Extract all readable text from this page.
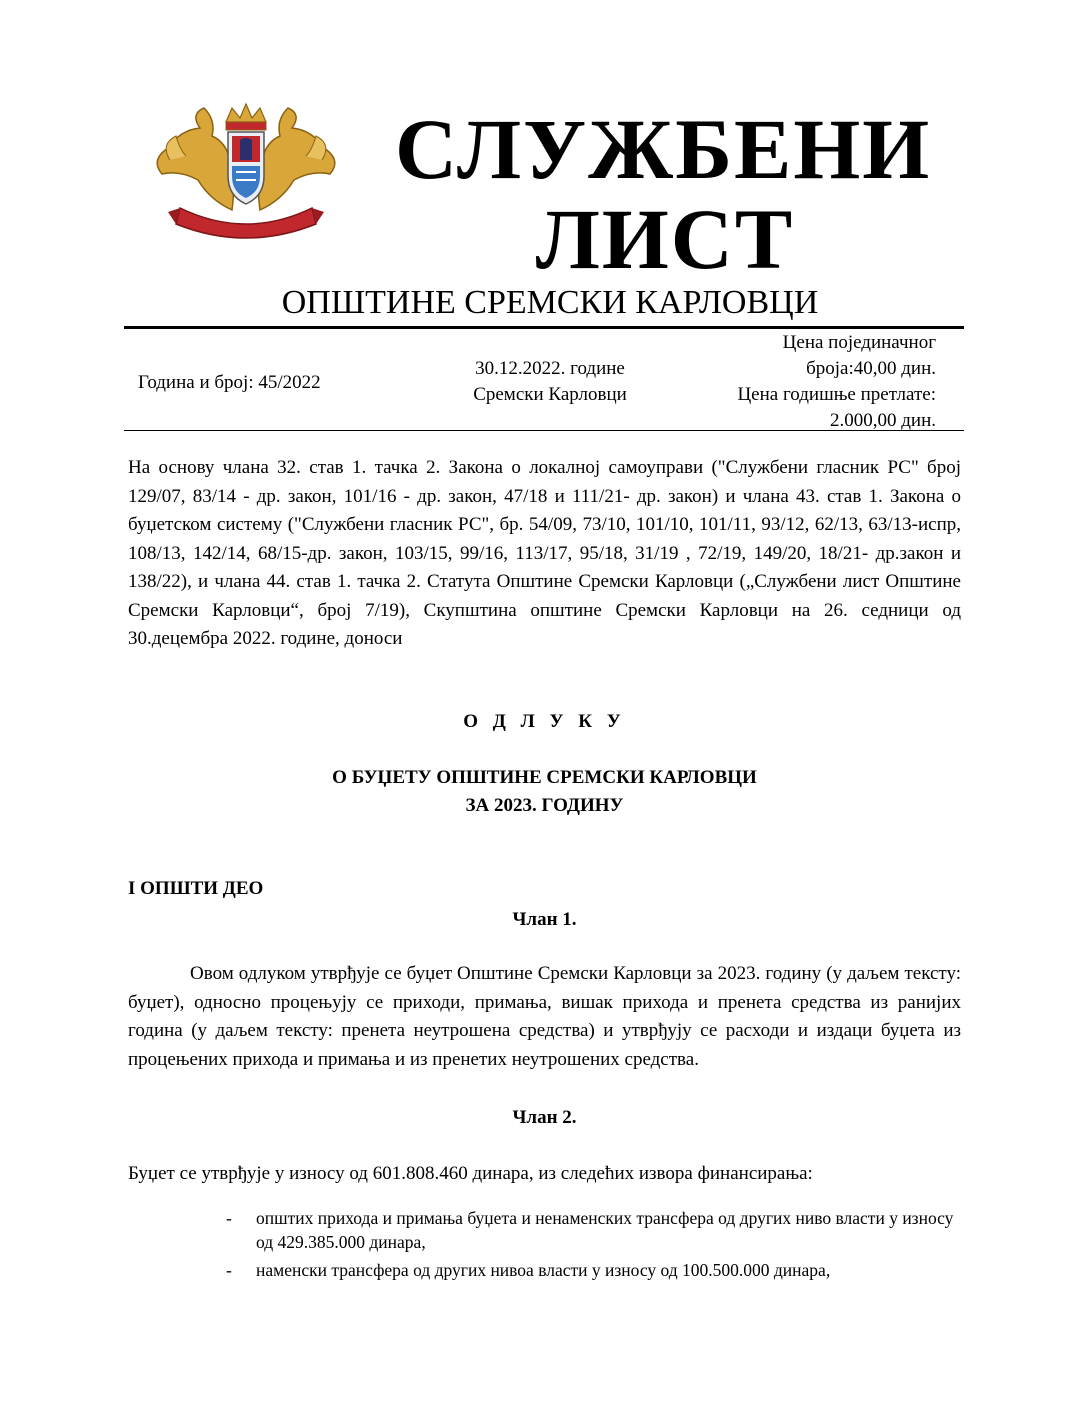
СЛУЖБЕНИ
ЛИСТ
ОПШТИНЕ СРЕМСКИ КАРЛОВЦИ
Година и број: 45/2022
30.12.2022. године
Сремски Карловци
Цена појединачног
броја:40,00 дин.
Цена годишње претлате:
2.000,00 дин.
На основу члана 32. став 1. тачка 2. Закона о локалној самоуправи ("Службени гласник РС" број 129/07, 83/14 - др. закон, 101/16 - др. закон, 47/18 и 111/21- др. закон) и члана 43. став 1. Закона о буџетском систему ("Службени гласник РС", бр. 54/09, 73/10, 101/10, 101/11, 93/12, 62/13, 63/13-испр, 108/13, 142/14, 68/15-др. закон, 103/15, 99/16, 113/17, 95/18, 31/19 , 72/19, 149/20, 18/21- др.закон и 138/22), и члана 44. став 1. тачка 2. Статута Општине Сремски Карловци („Службени лист Општине Сремски Карловци“, број 7/19), Скупштина општине Сремски Карловци на 26. седници од 30.децембра 2022. године, доноси
О Д Л У К У
О БУЏЕТУ ОПШТИНЕ СРЕМСКИ КАРЛОВЦИ
ЗА 2023. ГОДИНУ
I ОПШТИ ДЕО
Члан 1.
Овом одлуком утврђује се буџет Општине Сремски Карловци за 2023. годину (у даљем тексту: буџет), односно процењују се приходи, примања, вишак прихода и пренета средства из ранијих година (у даљем тексту: пренета неутрошена средства) и утврђују се расходи и издаци буџета из процењених прихода и примања и из пренетих неутрошених средства.
Члан 2.
Буџет се утврђује у износу од 601.808.460 динара, из следећих извора финансирања:
- општих прихода и примања буџета и ненаменских трансфера од других ниво власти у износу од 429.385.000 динара,
- наменски трансфера од других нивоа власти у износу од 100.500.000 динара,
